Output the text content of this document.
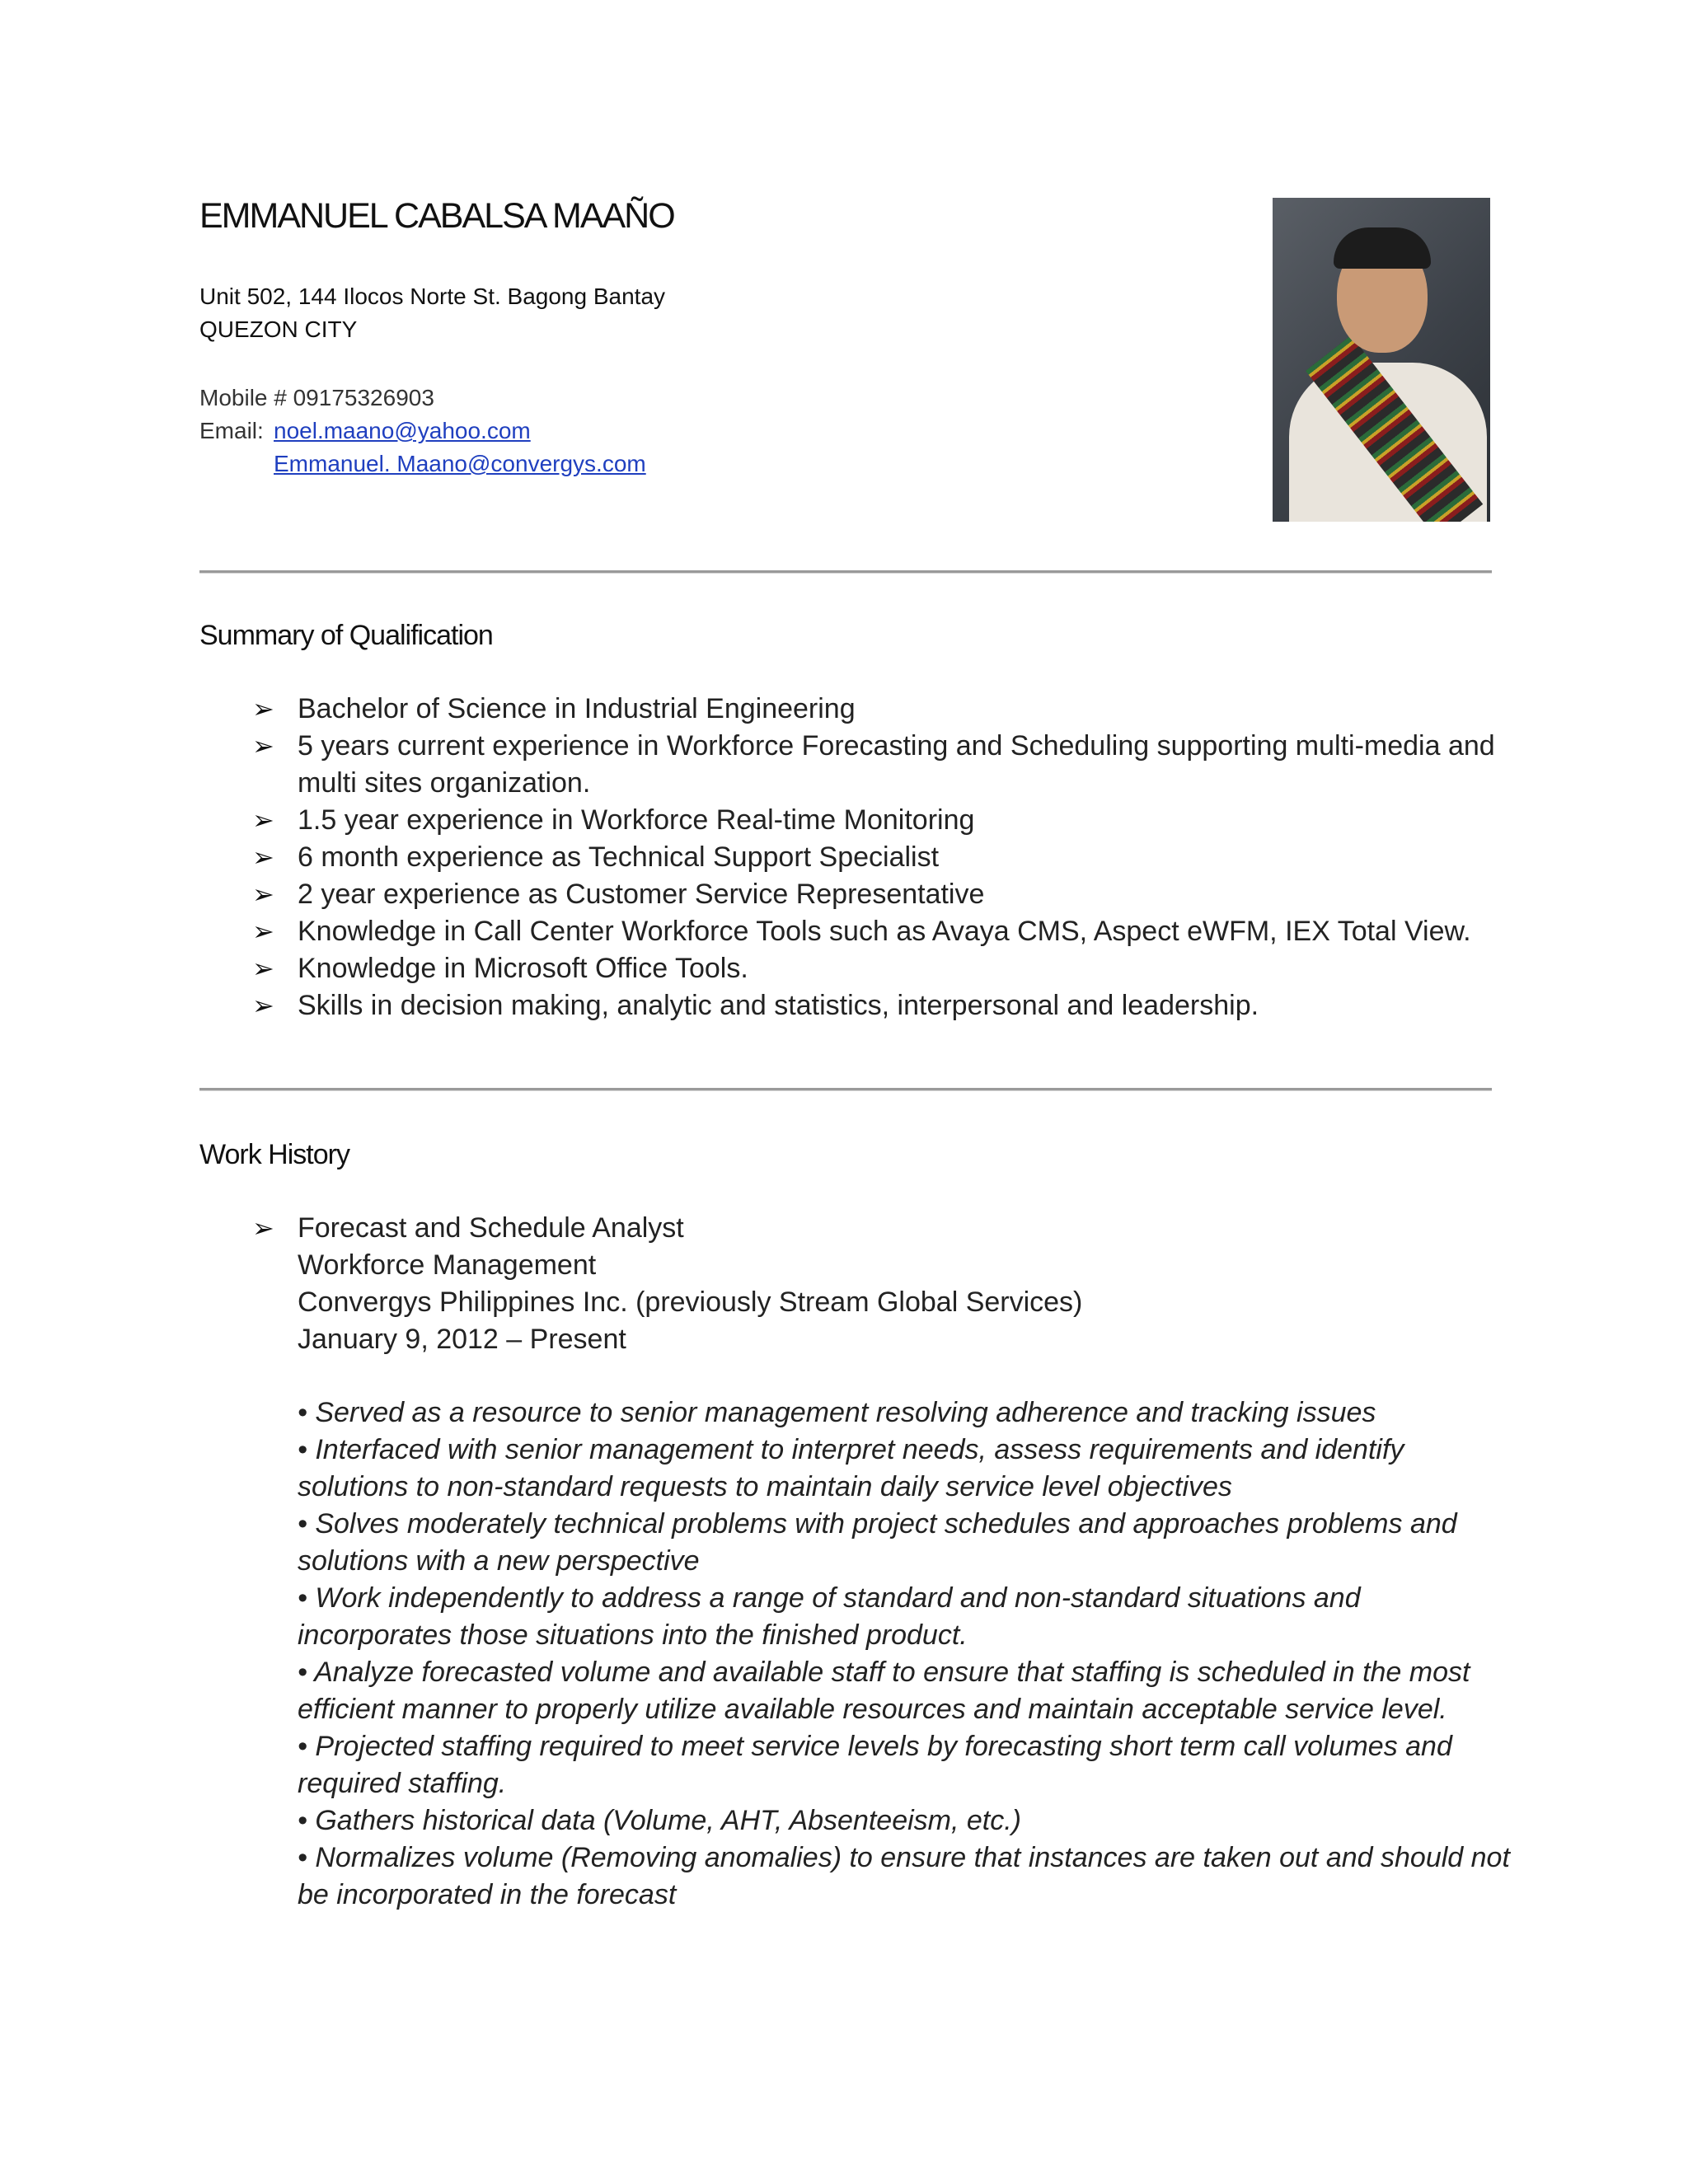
EMMANUEL CABALSA MAAÑO

Unit 502, 144 Ilocos Norte St. Bagong Bantay

QUEZON CITY

Mobile # 09175326903
Email: noel.maano@yahoo.com
Emmanuel. Maano@convergys.com
Summary of Qualification
➢ Bachelor of Science in Industrial Engineering
➢ 5 years current experience in Workforce Forecasting and Scheduling supporting multi-media and multi sites organization.
➢ 1.5 year experience in Workforce Real-time Monitoring
➢ 6 month experience as Technical Support Specialist
➢ 2 year experience as Customer Service Representative
➢ Knowledge in Call Center Workforce Tools such as Avaya CMS, Aspect eWFM, IEX Total View.
➢ Knowledge in Microsoft Office Tools.
➢ Skills in decision making, analytic and statistics, interpersonal and leadership.
Work History
➢ Forecast and Schedule Analyst
Workforce Management
Convergys Philippines Inc. (previously Stream Global Services)
January 9, 2012 – Present
• Served as a resource to senior management resolving adherence and tracking issues
• Interfaced with senior management to interpret needs, assess requirements and identify solutions to non-standard requests to maintain daily service level objectives
• Solves moderately technical problems with project schedules and approaches problems and solutions with a new perspective
• Work independently to address a range of standard and non-standard situations and incorporates those situations into the finished product.
• Analyze forecasted volume and available staff to ensure that staffing is scheduled in the most efficient manner to properly utilize available resources and maintain acceptable service level.
• Projected staffing required to meet service levels by forecasting short term call volumes and required staffing.
• Gathers historical data (Volume, AHT, Absenteeism, etc.)
• Normalizes volume (Removing anomalies) to ensure that instances are taken out and should not be incorporated in the forecast
